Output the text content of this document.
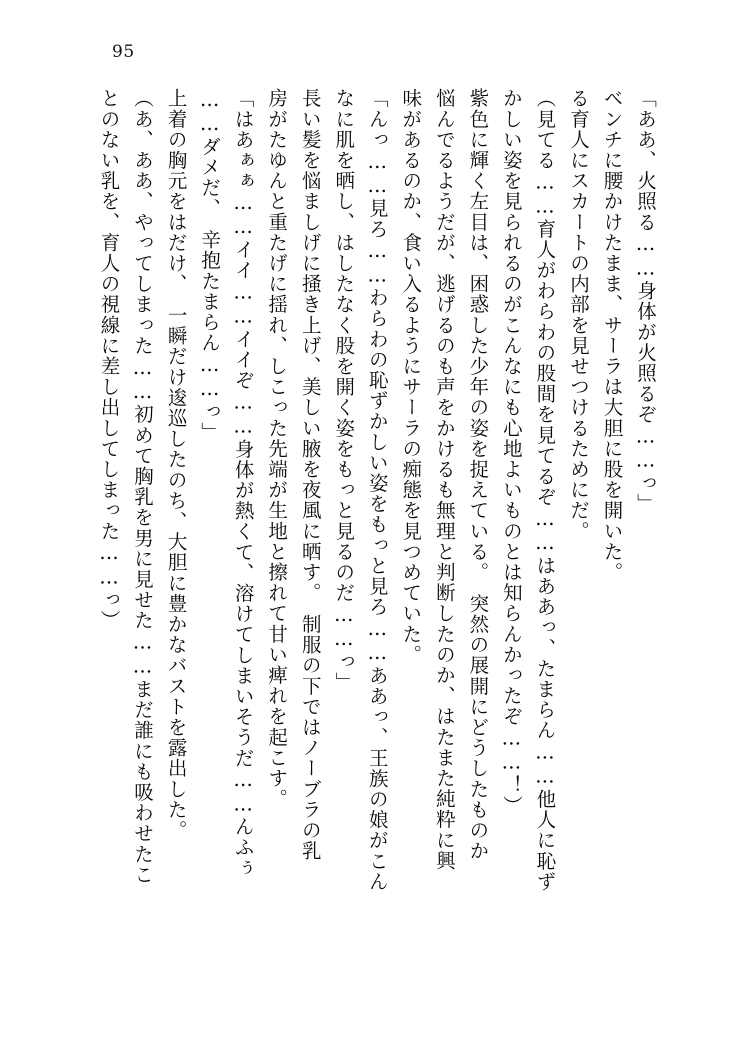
95

「ああ、火照る……身体が火照るぞ……っ」

ベンチに腰かけたまま、サーラは大胆に股を開いた。

る育人にスカートの内部を見せつけるためにだ。

（見てる……育人がわらわの股間を見てるぞ……はああっ、たまらん……他人に恥ず

かしい姿を見られるのがこんなにも心地よいものとは知らんかったぞ……！）

紫色に輝く左目は、困惑した少年の姿を捉えている。　突然の展開にどうしたものか

悩んでるようだが、逃げるのも声をかけるも無理と判断したのか、はたまた純粋に興

味があるのか、食い入るようにサーラの痴態を見つめていた。

「んっ……見ろ……わらわの恥ずかしい姿をもっと見ろ……ああっ、王族の娘がこん

なに肌を晒し、はしたなく股を開く姿をもっと見るのだ……っ」

長い髪を悩ましげに掻き上げ、美しい腋を夜風に晒す。　制服の下ではノーブラの乳

房がたゆんと重たげに揺れ、しこった先端が生地と擦れて甘い痺れを起こす。

「はあぁぁ……イイ……イイぞ……身体が熱くて、溶けてしまいそうだ……んふぅ

……ダメだ、　辛抱たまらん……っ」

上着の胸元をはだけ、　一瞬だけ逡巡したのち、大胆に豊かなバストを露出した。

（あ、ああ、やってしまった……初めて胸乳を男に見せた……まだ誰にも吸わせたこ

とのない乳を、育人の視線に差し出してしまった……っ）
